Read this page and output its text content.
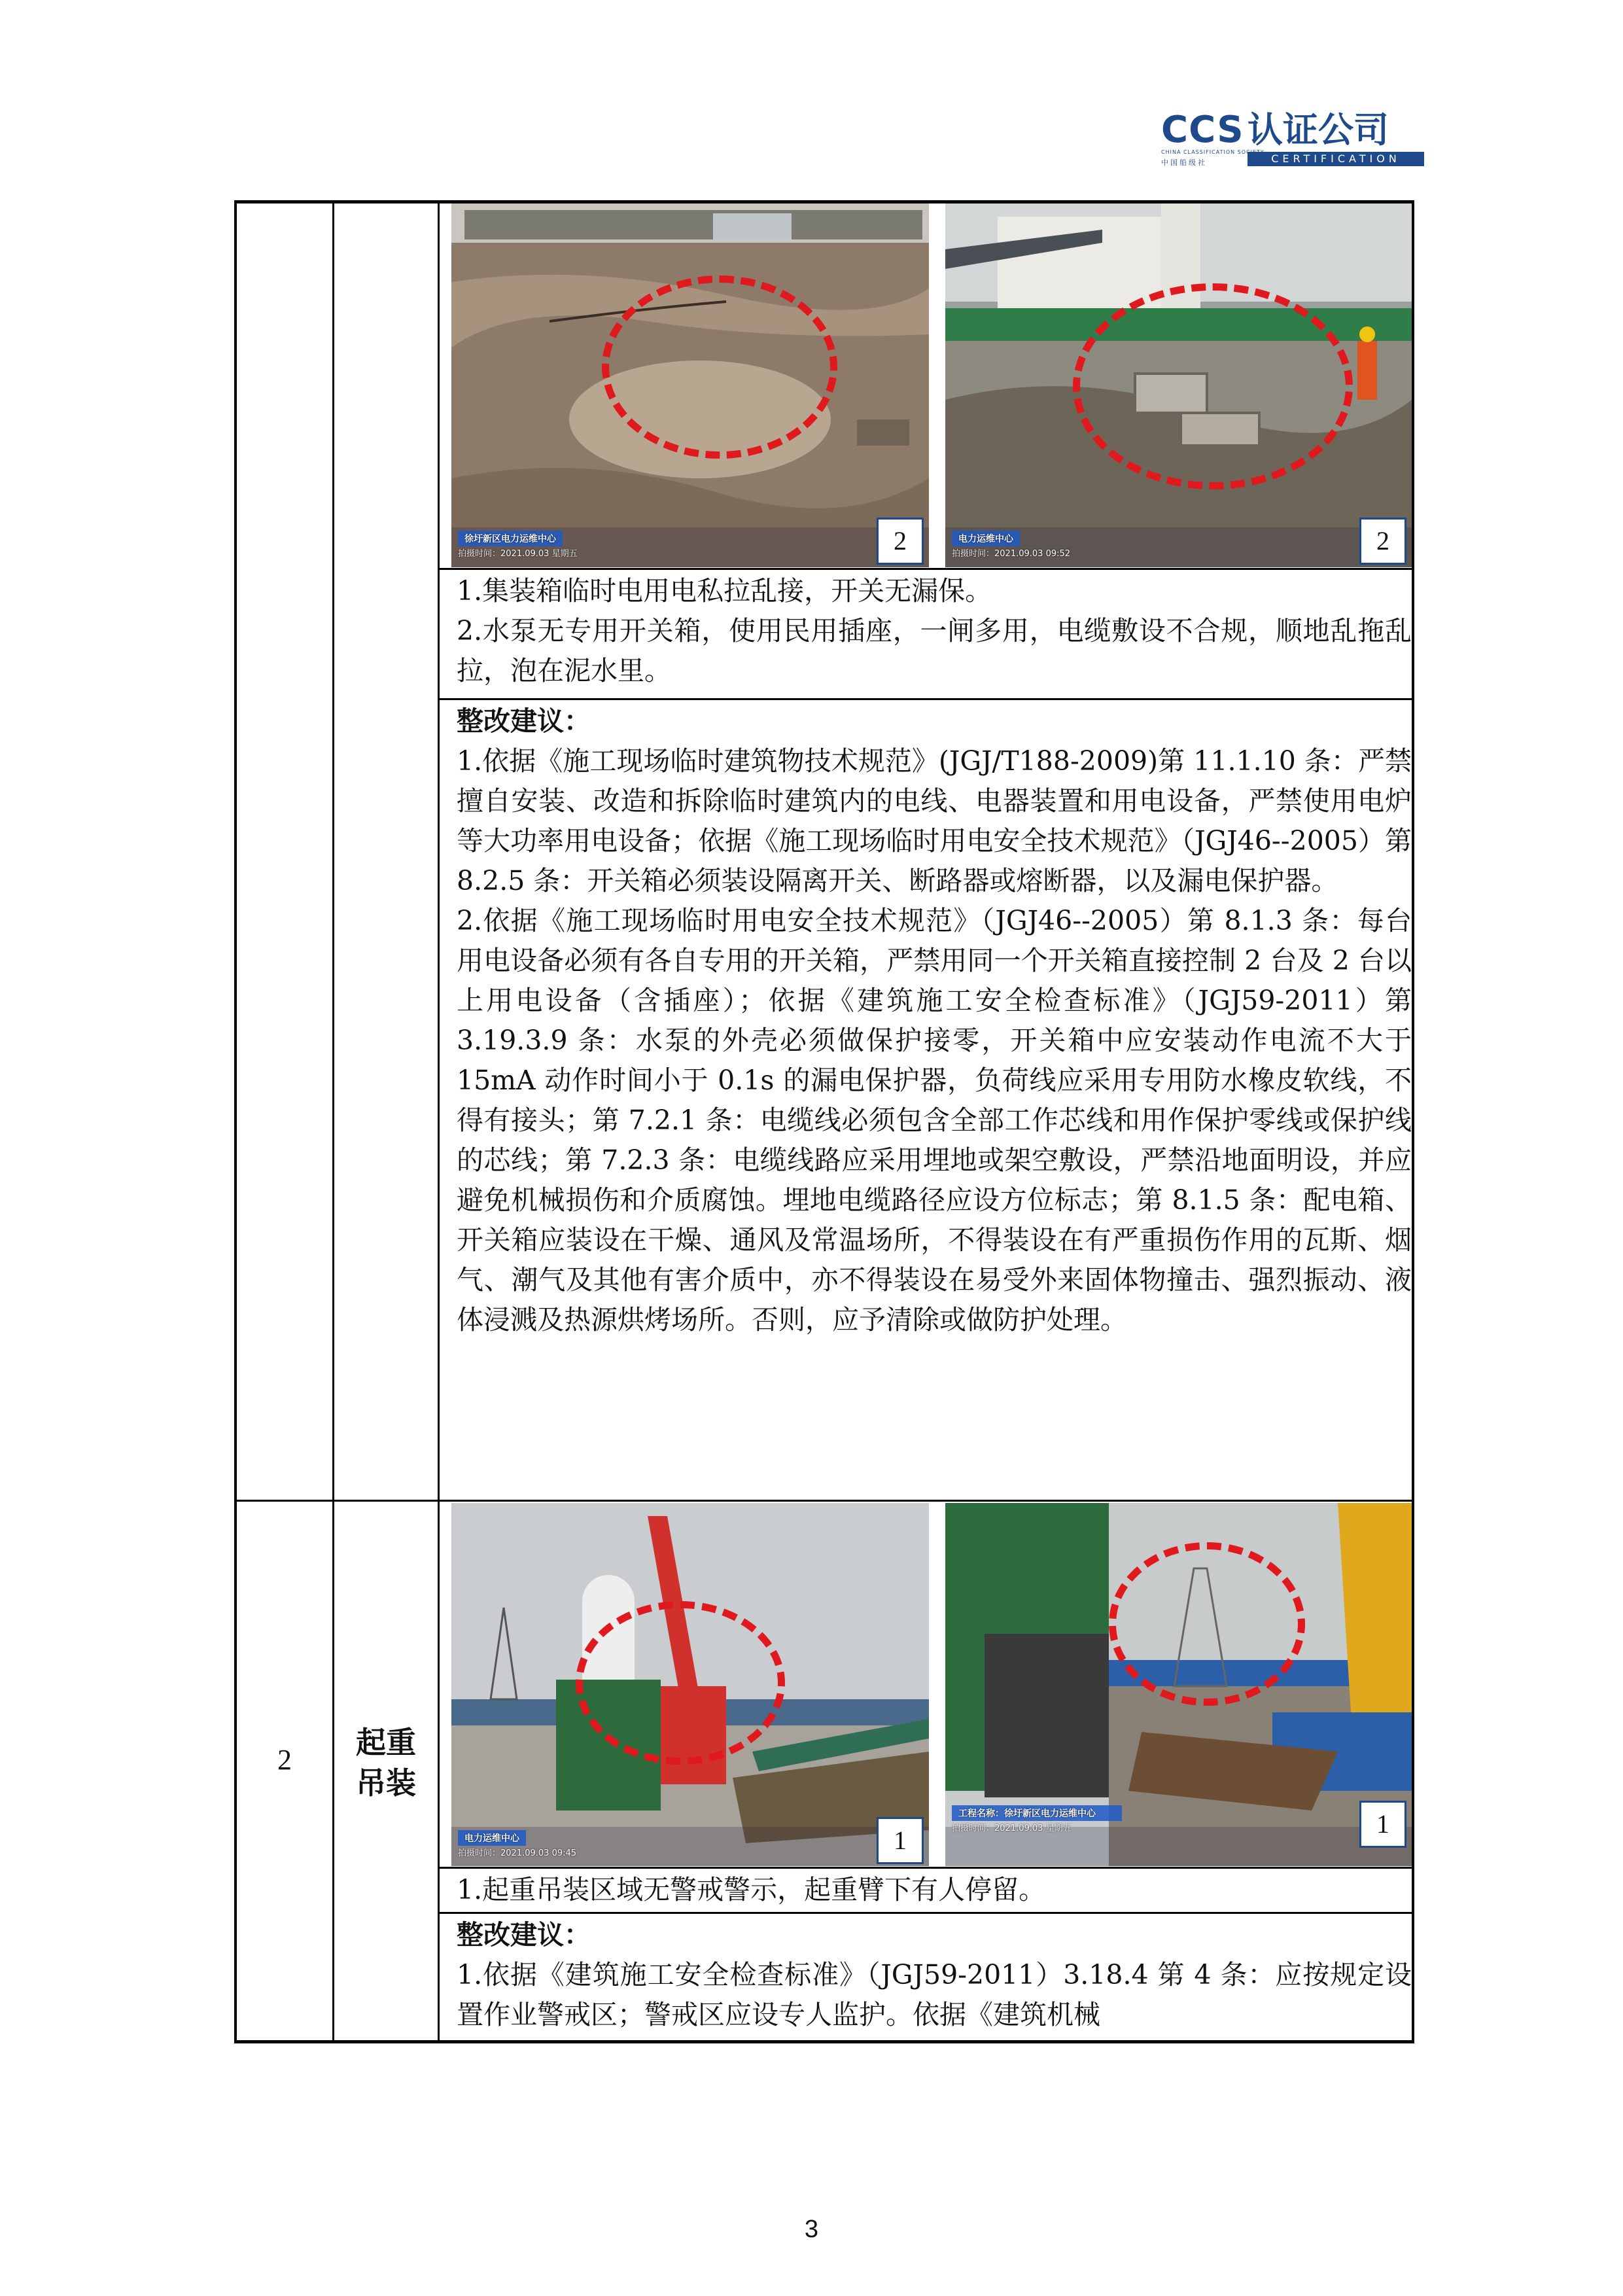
CCS 认证公司
CERTIFICATION
CHINA CLASSIFICATION SOCIETY
中国船级社
徐圩新区电力运维中心
拍摄时间：2021.09.03 星期五	2	电力运维中心
拍摄时间：2021.09.03 09:52	2

1.集装箱临时电用电私拉乱接，开关无漏保。

2.水泵无专用开关箱，使用民用插座，一闸多用，电缆敷设不合规，顺地乱拖乱拉，泡在泥水里。

整改建议：

1.依据《施工现场临时建筑物技术规范》(JGJ/T188-2009)第 11.1.10 条：严禁擅自安装、改造和拆除临时建筑内的电线、电器装置和用电设备，严禁使用电炉等大功率用电设备；依据《施工现场临时用电安全技术规范》（JGJ46--2005）第 8.2.5 条：开关箱必须装设隔离开关、断路器或熔断器，以及漏电保护器。

2.依据《施工现场临时用电安全技术规范》（JGJ46--2005）第 8.1.3 条：每台用电设备必须有各自专用的开关箱，严禁用同一个开关箱直接控制 2 台及 2 台以上用电设备（含插座）；依据《建筑施工安全检查标准》（JGJ59-2011）第 3.19.3.9 条：水泵的外壳必须做保护接零，开关箱中应安装动作电流不大于 15mA 动作时间小于 0.1s 的漏电保护器，负荷线应采用专用防水橡皮软线，不得有接头；第 7.2.1 条：电缆线必须包含全部工作芯线和用作保护零线或保护线的芯线；第 7.2.3 条：电缆线路应采用埋地或架空敷设，严禁沿地面明设，并应避免机械损伤和介质腐蚀。埋地电缆路径应设方位标志；第 8.1.5 条：配电箱、开关箱应装设在干燥、通风及常温场所，不得装设在有严重损伤作用的瓦斯、烟气、潮气及其他有害介质中，亦不得装设在易受外来固体物撞击、强烈振动、液体浸溅及热源烘烤场所。否则，应予清除或做防护处理。

2	起重
吊装
电力运维中心
拍摄时间：2021.09.03 09:45	1
工程名称：徐圩新区电力运维中心
拍摄时间：2021.09.03 星期五	1

1.起重吊装区域无警戒警示，起重臂下有人停留。

整改建议：

1.依据《建筑施工安全检查标准》（JGJ59-2011）3.18.4 第 4 条：应按规定设置作业警戒区；警戒区应设专人监护。依据《建筑机械

3
